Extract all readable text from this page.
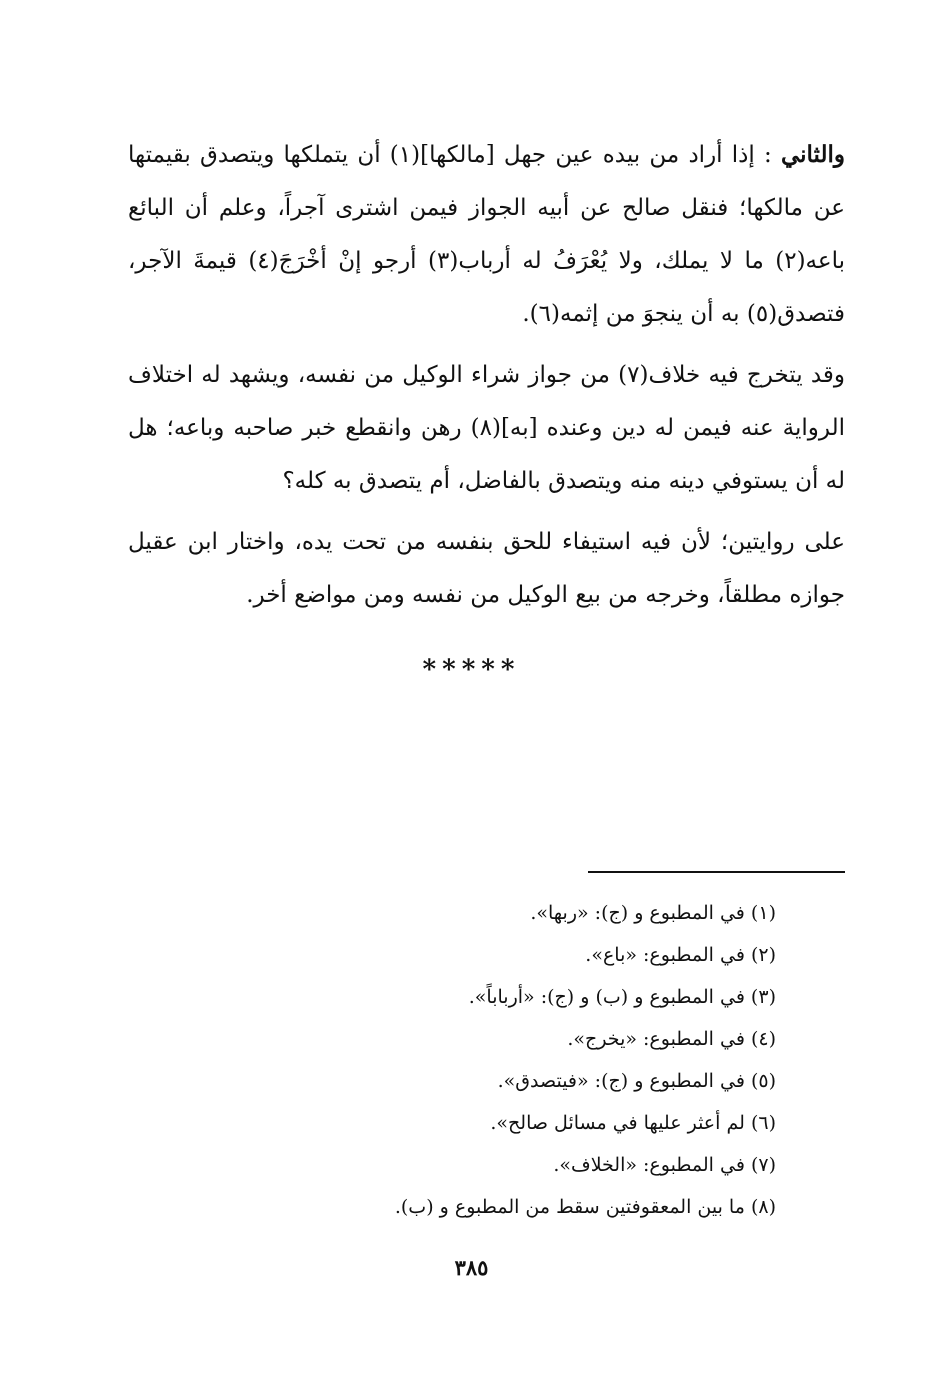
والثاني : إذا أراد من بيده عين جهل [مالكها](١) أن يتملكها ويتصدق بقيمتها عن مالكها؛ فنقل صالح عن أبيه الجواز فيمن اشترى آجراً، وعلم أن البائع باعه(٢) ما لا يملك، ولا يُعْرَفُ له أرباب(٣) أرجو إنْ أخْرَجَ(٤) قيمةَ الآجر، فتصدق(٥) به أن ينجوَ من إثمه(٦).

وقد يتخرج فيه خلاف(٧) من جواز شراء الوكيل من نفسه، ويشهد له اختلاف الرواية عنه فيمن له دين وعنده [به](٨) رهن وانقطع خبر صاحبه وباعه؛ هل له أن يستوفي دينه منه ويتصدق بالفاضل، أم يتصدق به كله؟

على روايتين؛ لأن فيه استيفاء للحق بنفسه من تحت يده، واختار ابن عقيل جوازه مطلقاً، وخرجه من بيع الوكيل من نفسه ومن مواضع أخر.

*****
(١) في المطبوع و (ج): «ربها».
(٢) في المطبوع: «باع».
(٣) في المطبوع و (ب) و (ج): «أرباباً».
(٤) في المطبوع: «يخرج».
(٥) في المطبوع و (ج): «فيتصدق».
(٦) لم أعثر عليها في مسائل صالح».
(٧) في المطبوع: «الخلاف».
(٨) ما بين المعقوفتين سقط من المطبوع و (ب).
٣٨٥
